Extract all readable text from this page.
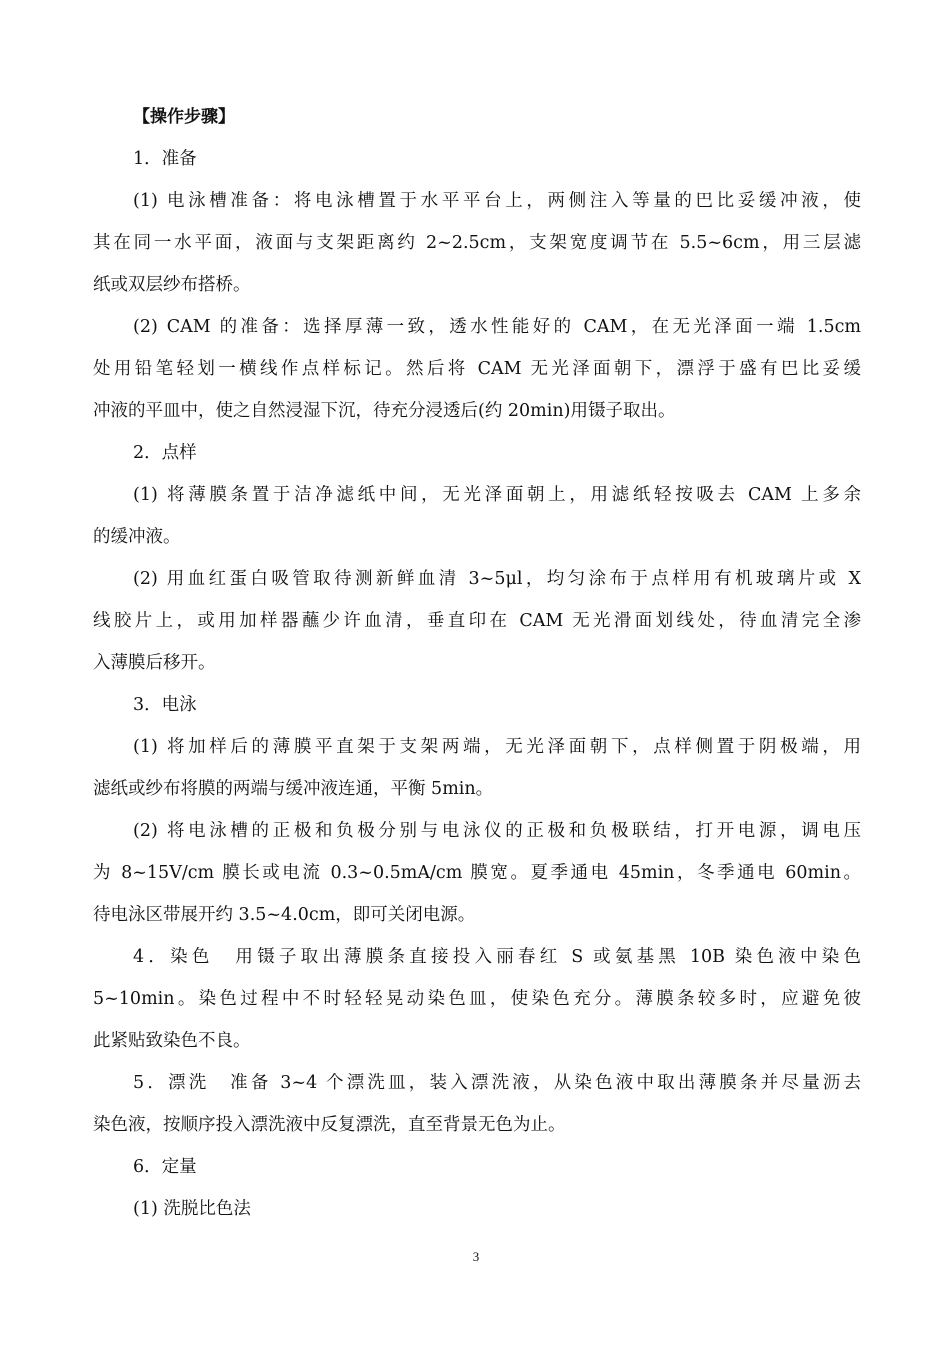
【操作步骤】
1．准备
(1) 电泳槽准备：将电泳槽置于水平平台上，两侧注入等量的巴比妥缓冲液，使
其在同一水平面，液面与支架距离约 2~2.5cm，支架宽度调节在 5.5~6cm，用三层滤
纸或双层纱布搭桥。
(2) CAM 的准备：选择厚薄一致，透水性能好的 CAM，在无光泽面一端 1.5cm
处用铅笔轻划一横线作点样标记。然后将 CAM 无光泽面朝下，漂浮于盛有巴比妥缓
冲液的平皿中，使之自然浸湿下沉，待充分浸透后(约 20min)用镊子取出。
2．点样
(1) 将薄膜条置于洁净滤纸中间，无光泽面朝上，用滤纸轻按吸去 CAM 上多余
的缓冲液。
(2) 用血红蛋白吸管取待测新鲜血清 3~5μl，均匀涂布于点样用有机玻璃片或 X
线胶片上，或用加样器蘸少许血清，垂直印在 CAM 无光滑面划线处，待血清完全渗
入薄膜后移开。
3．电泳
(1) 将加样后的薄膜平直架于支架两端，无光泽面朝下，点样侧置于阴极端，用
滤纸或纱布将膜的两端与缓冲液连通，平衡 5min。
(2) 将电泳槽的正极和负极分别与电泳仪的正极和负极联结，打开电源，调电压
为 8~15V/cm 膜长或电流 0.3~0.5mA/cm 膜宽。夏季通电 45min，冬季通电 60min。
待电泳区带展开约 3.5~4.0cm，即可关闭电源。
4．染色　用镊子取出薄膜条直接投入丽春红 S 或氨基黑 10B 染色液中染色
5~10min。染色过程中不时轻轻晃动染色皿，使染色充分。薄膜条较多时，应避免彼
此紧贴致染色不良。
5．漂洗　准备 3~4 个漂洗皿，装入漂洗液，从染色液中取出薄膜条并尽量沥去
染色液，按顺序投入漂洗液中反复漂洗，直至背景无色为止。
6．定量
(1) 洗脱比色法
3
